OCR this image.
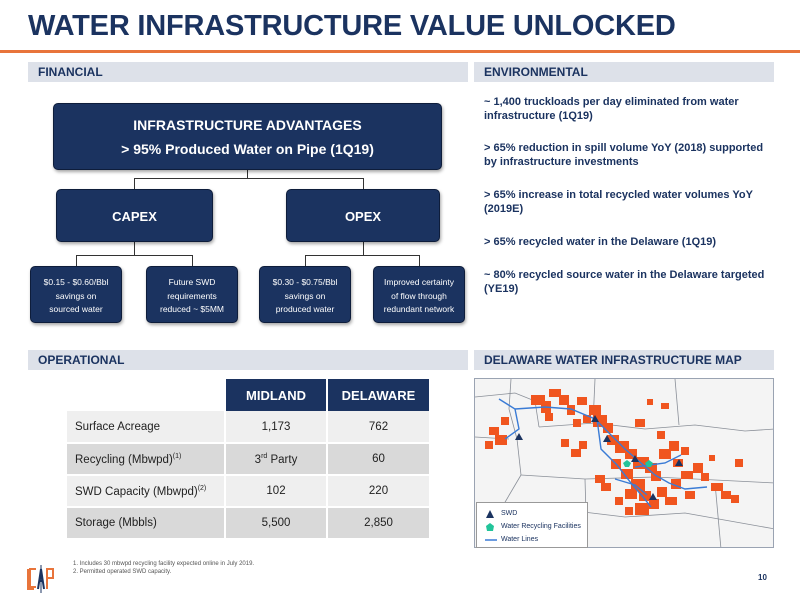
WATER INFRASTRUCTURE VALUE UNLOCKED
FINANCIAL	ENVIRONMENTAL
OPERATIONAL	DELAWARE WATER INFRASTRUCTURE MAP
INFRASTRUCTURE ADVANTAGES
> 95% Produced Water on Pipe (1Q19)
CAPEX	OPEX
$0.15 - $0.60/Bbl
savings on
sourced water
Future SWD
requirements
reduced ~ $5MM
$0.30 - $0.75/Bbl
savings on
produced water
Improved certainty
of flow through
redundant network
~ 1,400 truckloads per day eliminated from water infrastructure (1Q19)
> 65% reduction in spill volume YoY (2018) supported by infrastructure investments
> 65% increase in total recycled water volumes YoY (2019E)
> 65% recycled water in the Delaware (1Q19)
~ 80% recycled source water in the Delaware targeted (YE19)
	MIDLAND	DELAWARE
Surface Acreage	1,173	762
Recycling (Mbwpd)$^{(1)}$	3rd Party	60
SWD Capacity (Mbwpd)$^{(2)}$	102	220
Storage (Mbbls)	5,500	2,850
SWD
Water Recycling Facilities
Water Lines
1. Includes 30 mbwpd recycling facility expected online in July 2019.
2. Permitted operated SWD capacity.
10
